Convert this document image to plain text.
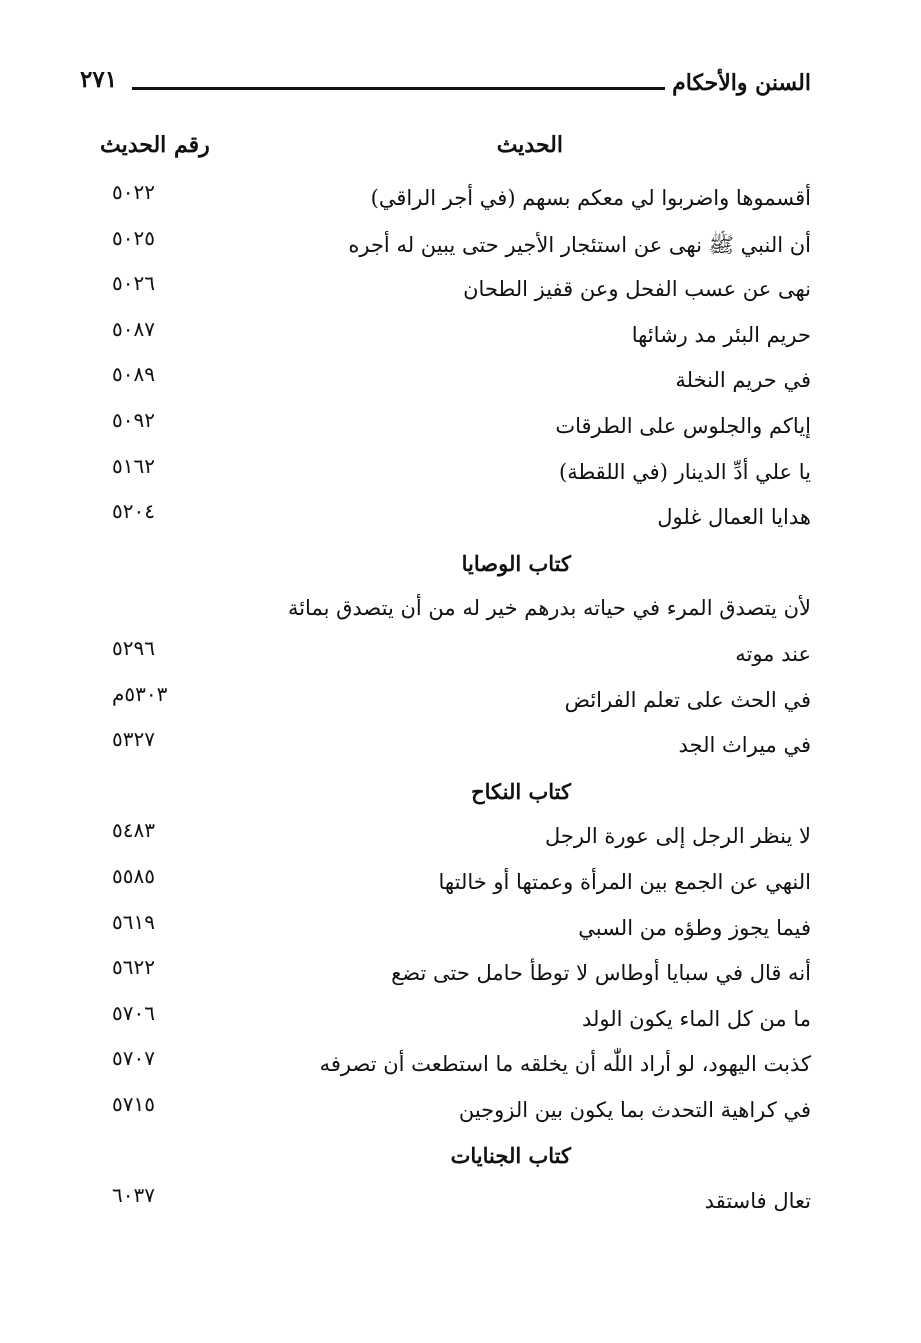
السنن والأحكام
٢٧١
الحديث
رقم الحديث
أقسموها واضربوا لي معكم بسهم (في أجر الراقي)
٥٠٢٢
أن النبي ﷺ نهى عن استئجار الأجير حتى يبين له أجره
٥٠٢٥
نهى عن عسب الفحل وعن قفيز الطحان
٥٠٢٦
حريم البئر مد رشائها
٥٠٨٧
في حريم النخلة
٥٠٨٩
إياكم والجلوس على الطرقات
٥٠٩٢
يا علي أدِّ الدينار (في اللقطة)
٥١٦٢
هدايا العمال غلول
٥٢٠٤
كتاب الوصايا
لأن يتصدق المرء في حياته بدرهم خير له من أن يتصدق بمائة
عند موته
٥٢٩٦
في الحث على تعلم الفرائض
٥٣٠٣م
في ميراث الجد
٥٣٢٧
كتاب النكاح
لا ينظر الرجل إلى عورة الرجل
٥٤٨٣
النهي عن الجمع بين المرأة وعمتها أو خالتها
٥٥٨٥
فيما يجوز وطؤه من السبي
٥٦١٩
أنه قال في سبايا أوطاس لا توطأ حامل حتى تضع
٥٦٢٢
ما من كل الماء يكون الولد
٥٧٠٦
كذبت اليهود، لو أراد اللّٰه أن يخلقه ما استطعت أن تصرفه
٥٧٠٧
في كراهية التحدث بما يكون بين الزوجين
٥٧١٥
كتاب الجنايات
تعال فاستقد
٦٠٣٧
